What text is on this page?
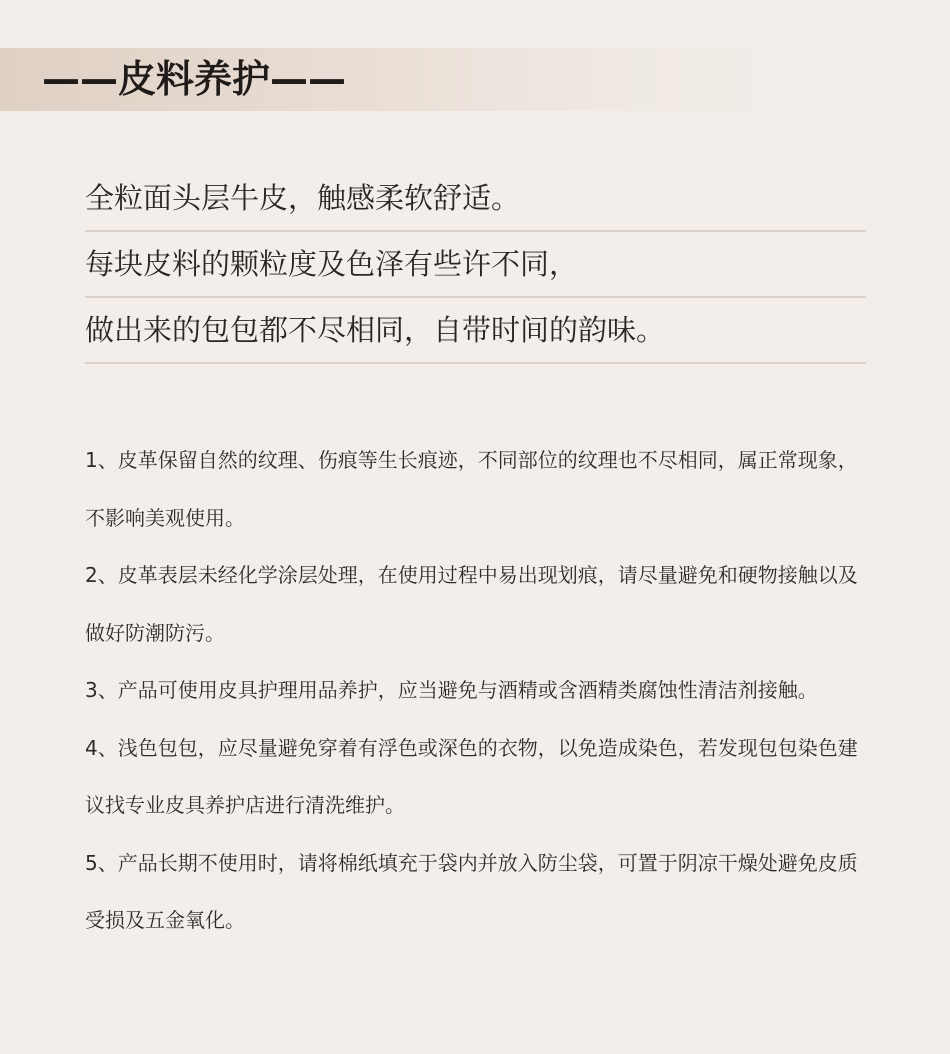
——皮料养护——
全粒面头层牛皮，触感柔软舒适。
每块皮料的颗粒度及色泽有些许不同，
做出来的包包都不尽相同，自带时间的韵味。

1、皮革保留自然的纹理、伤痕等生长痕迹，不同部位的纹理也不尽相同，属正常现象，不影响美观使用。

2、皮革表层未经化学涂层处理，在使用过程中易出现划痕，请尽量避免和硬物接触以及做好防潮防污。

3、产品可使用皮具护理用品养护，应当避免与酒精或含酒精类腐蚀性清洁剂接触。

4、浅色包包，应尽量避免穿着有浮色或深色的衣物，以免造成染色，若发现包包染色建议找专业皮具养护店进行清洗维护。

5、产品长期不使用时，请将棉纸填充于袋内并放入防尘袋，可置于阴凉干燥处避免皮质受损及五金氧化。
